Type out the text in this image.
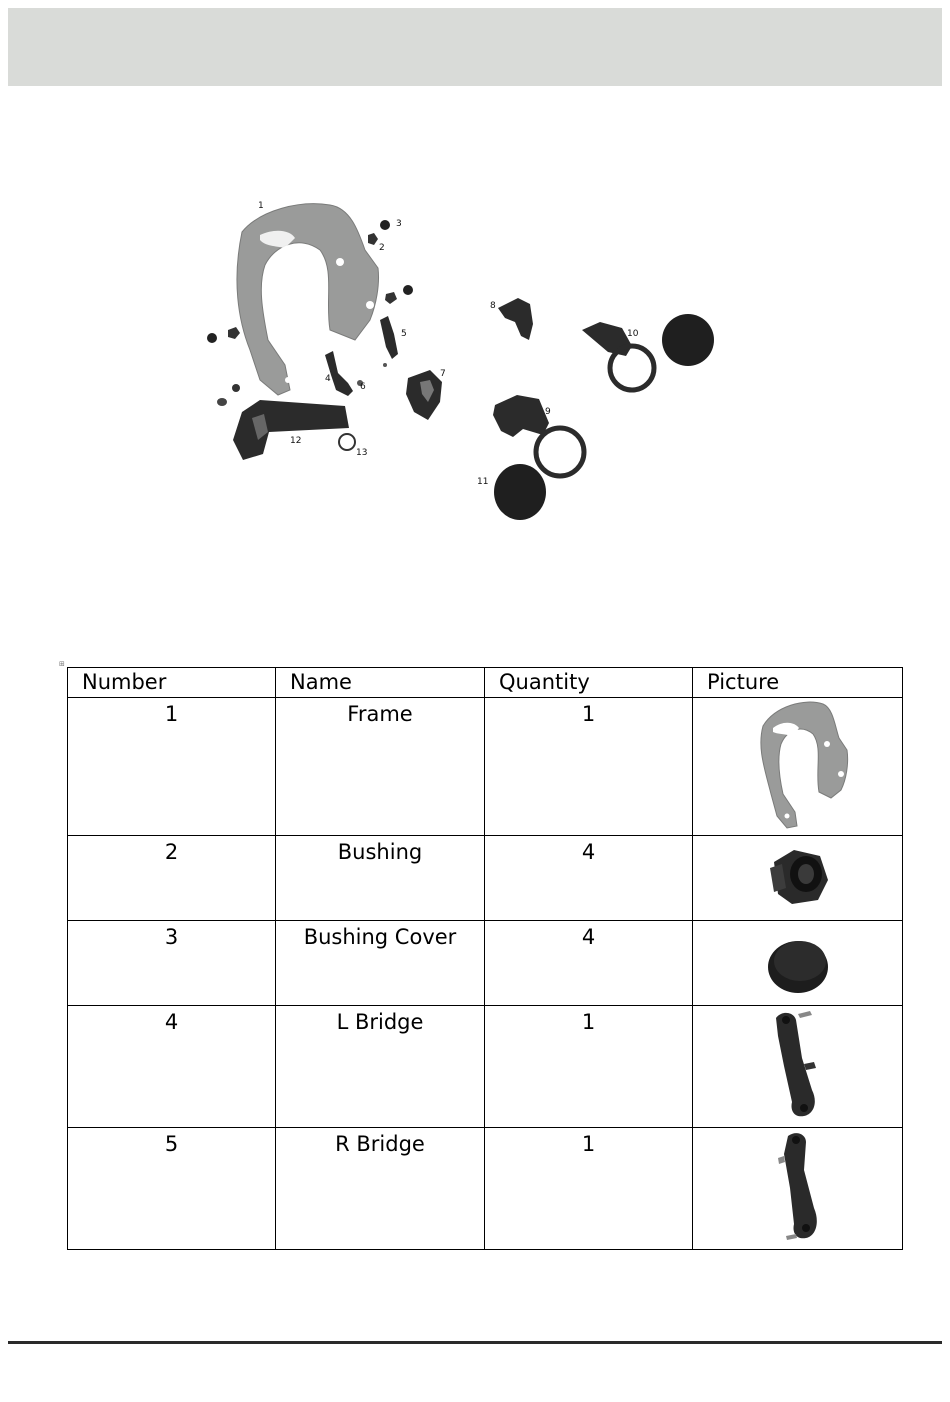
1
2
3
4
5
6
7
8
9
10
11
12
13
⊞
Number	Name	Quantity	Picture
1	Frame	1	

2	Bushing	4	

3	Bushing Cover	4	

4	L Bridge	1	

5	R Bridge	1	
